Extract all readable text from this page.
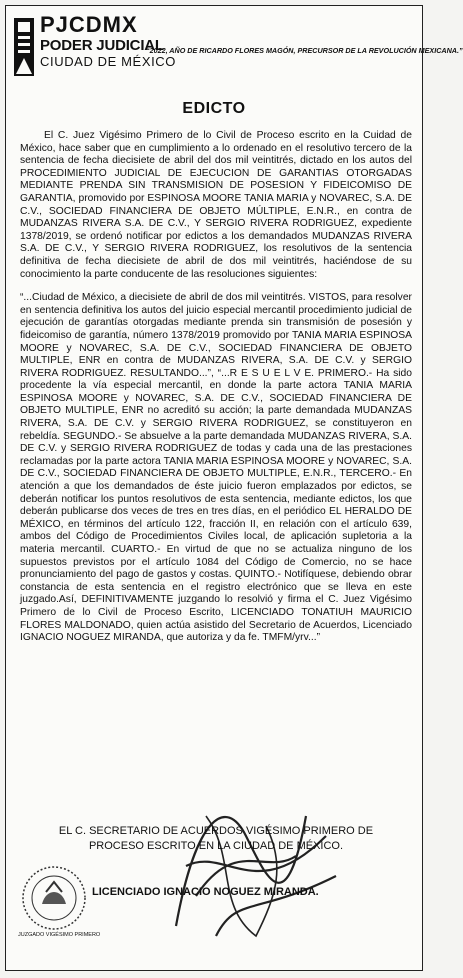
PJCDMX
PODER JUDICIAL
CIUDAD DE MÉXICO
“2022, AÑO DE RICARDO FLORES MAGÓN, PRECURSOR DE LA REVOLUCIÓN MEXICANA.”
EDICTO

El C. Juez Vigésimo Primero de lo Civil de Proceso escrito en la Cuidad de México, hace saber que en cumplimiento a lo ordenado en el resolutivo tercero de la sentencia de fecha diecisiete de abril del dos mil veintitrés, dictado en los autos del PROCEDIMIENTO JUDICIAL DE EJECUCION DE GARANTIAS OTORGADAS MEDIANTE PRENDA SIN TRANSMISION DE POSESION Y FIDEICOMISO DE GARANTIA, promovido por ESPINOSA MOORE TANIA MARIA y NOVAREC, S.A. DE C.V., SOCIEDAD FINANCIERA DE OBJETO MÚLTIPLE, E.N.R., en contra de MUDANZAS RIVERA S.A. DE C.V., Y SERGIO RIVERA RODRIGUEZ, expediente 1378/2019, se ordenó notificar por edictos a los demandados MUDANZAS RIVERA S.A. DE C.V., Y SERGIO RIVERA RODRIGUEZ, los resolutivos de la sentencia definitiva de fecha diecisiete de abril de dos mil veintitrés, haciéndose de su conocimiento la parte conducente de las resoluciones siguientes:

“...Ciudad de México, a diecisiete de abril de dos mil veintitrés. VISTOS, para resolver en sentencia definitiva los autos del juicio especial mercantil procedimiento judicial de ejecución de garantías otorgadas mediante prenda sin transmisión de posesión y fideicomiso de garantía, número 1378/2019 promovido por TANIA MARIA ESPINOSA MOORE y NOVAREC, S.A. DE C.V., SOCIEDAD FINANCIERA DE OBJETO MULTIPLE, ENR en contra de MUDANZAS RIVERA, S.A. DE C.V. y SERGIO RIVERA RODRIGUEZ. RESULTANDO...”, “...R E S U E L V E. PRIMERO.- Ha sido procedente la vía especial mercantil, en donde la parte actora TANIA MARIA ESPINOSA MOORE y NOVAREC, S.A. DE C.V., SOCIEDAD FINANCIERA DE OBJETO MULTIPLE, ENR no acreditó su acción; la parte demandada MUDANZAS RIVERA, S.A. DE C.V. y SERGIO RIVERA RODRIGUEZ, se constituyeron en rebeldía. SEGUNDO.- Se absuelve a la parte demandada MUDANZAS RIVERA, S.A. DE C.V. y SERGIO RIVERA RODRIGUEZ de todas y cada una de las prestaciones reclamadas por la parte actora TANIA MARIA ESPINOSA MOORE y NOVAREC, S.A. DE C.V., SOCIEDAD FINANCIERA DE OBJETO MULTIPLE, E.N.R., TERCERO.- En atención a que los demandados de éste juicio fueron emplazados por edictos, se deberán notificar los puntos resolutivos de esta sentencia, mediante edictos, los que deberán publicarse dos veces de tres en tres días, en el periódico EL HERALDO DE MÉXICO, en términos del artículo 122, fracción II, en relación con el artículo 639, ambos del Código de Procedimientos Civiles local, de aplicación supletoria a la materia mercantil. CUARTO.- En virtud de que no se actualiza ninguno de los supuestos previstos por el artículo 1084 del Código de Comercio, no se hace pronunciamiento del pago de gastos y costas. QUINTO.- Notifíquese, debiendo obrar constancia de esta sentencia en el registro electrónico que se lleva en este juzgado.Así, DEFINITIVAMENTE juzgando lo resolvió y firma el C. Juez Vigésimo Primero de lo Civil de Proceso Escrito, LICENCIADO TONATIUH MAURICIO FLORES MALDONADO, quien actúa asistido del Secretario de Acuerdos, Licenciado IGNACIO NOGUEZ MIRANDA, que autoriza y da fe. TMFM/yrv...”

EL C. SECRETARIO DE ACUERDOS VIGÉSIMO PRIMERO DE
PROCESO ESCRITO EN LA CIUDAD DE MÉXICO.
JUZGADO VIGÉSIMO PRIMERO
LICENCIADO IGNACIO NOGUEZ MIRANDA.
